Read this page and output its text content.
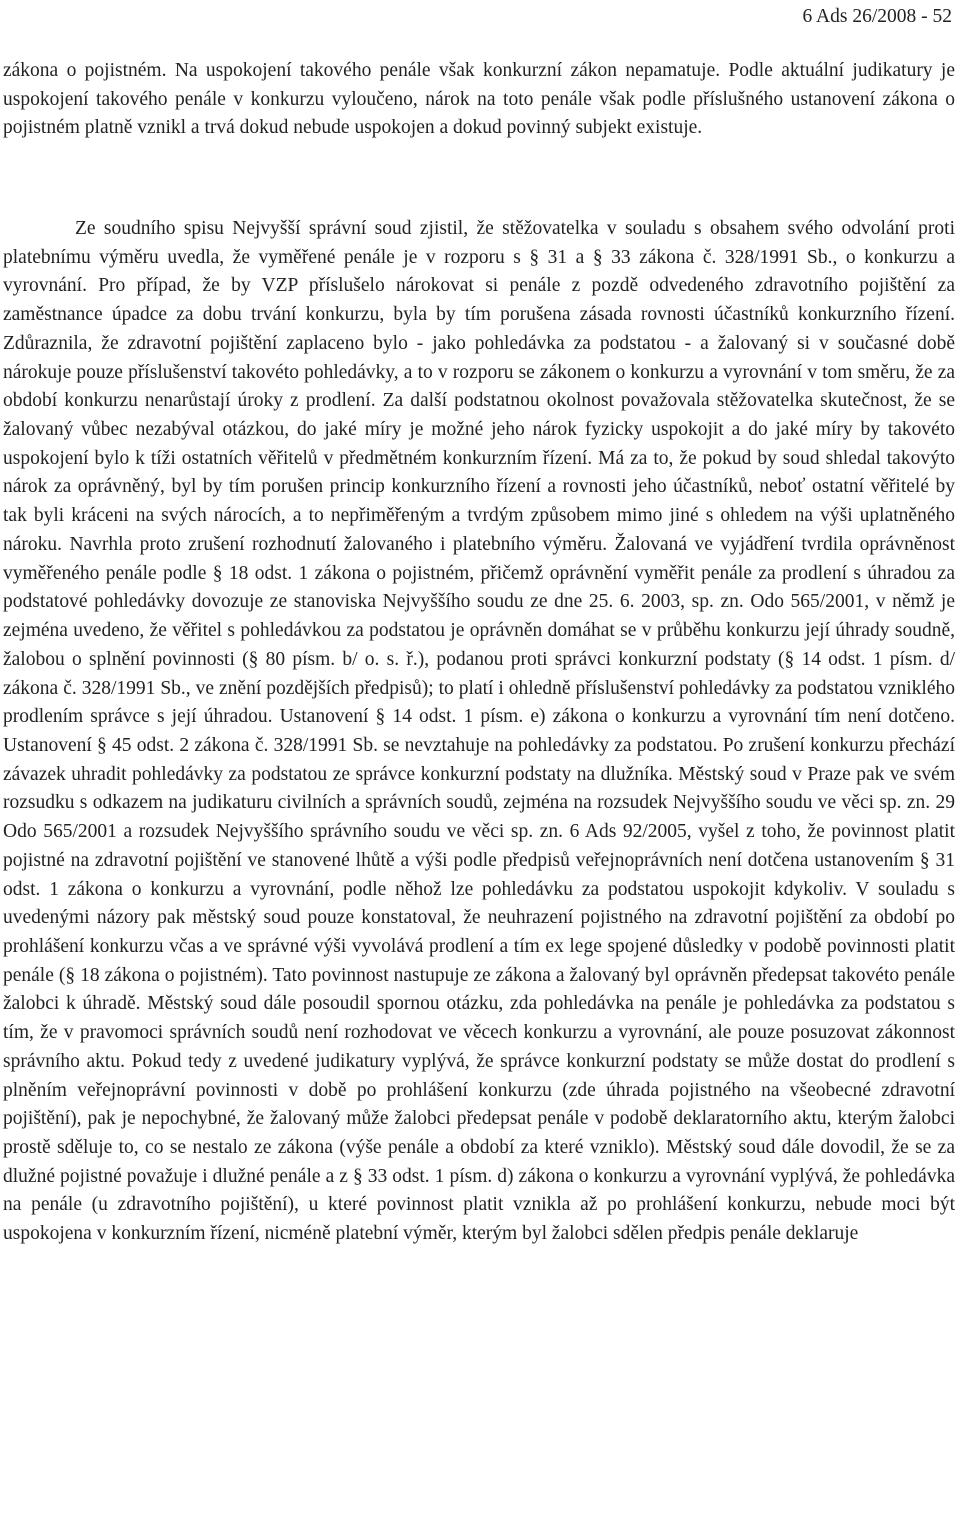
6 Ads 26/2008 - 52

zákona o pojistném. Na uspokojení takového penále však konkurzní zákon nepamatuje. Podle aktuální judikatury je uspokojení takového penále v konkurzu vyloučeno, nárok na toto penále však podle příslušného ustanovení zákona o pojistném platně vznikl a trvá dokud nebude uspokojen a dokud povinný subjekt existuje.

Ze soudního spisu Nejvyšší správní soud zjistil, že stěžovatelka v souladu s obsahem svého odvolání proti platebnímu výměru uvedla, že vyměřené penále je v rozporu s § 31 a § 33 zákona č. 328/1991 Sb., o konkurzu a vyrovnání. Pro případ, že by VZP příslušelo nárokovat si penále z pozdě odvedeného zdravotního pojištění za zaměstnance úpadce za dobu trvání konkurzu, byla by tím porušena zásada rovnosti účastníků konkurzního řízení. Zdůraznila, že zdravotní pojištění zaplaceno bylo - jako pohledávka za podstatou - a žalovaný si v současné době nárokuje pouze příslušenství takovéto pohledávky, a to v rozporu se zákonem o konkurzu a vyrovnání v tom směru, že za období konkurzu nenarůstají úroky z prodlení. Za další podstatnou okolnost považovala stěžovatelka skutečnost, že se žalovaný vůbec nezabýval otázkou, do jaké míry je možné jeho nárok fyzicky uspokojit a do jaké míry by takovéto uspokojení bylo k tíži ostatních věřitelů v předmětném konkurzním řízení. Má za to, že pokud by soud shledal takovýto nárok za oprávněný, byl by tím porušen princip konkurzního řízení a rovnosti jeho účastníků, neboť ostatní věřitelé by tak byli kráceni na svých nárocích, a to nepřiměřeným a tvrdým způsobem mimo jiné s ohledem na výši uplatněného nároku. Navrhla proto zrušení rozhodnutí žalovaného i platebního výměru. Žalovaná ve vyjádření tvrdila oprávněnost vyměřeného penále podle § 18 odst. 1 zákona o pojistném, přičemž oprávnění vyměřit penále za prodlení s úhradou za podstatové pohledávky dovozuje ze stanoviska Nejvyššího soudu ze dne 25. 6. 2003, sp. zn. Odo 565/2001, v němž je zejména uvedeno, že věřitel s pohledávkou za podstatou je oprávněn domáhat se v průběhu konkurzu její úhrady soudně, žalobou o splnění povinnosti (§ 80 písm. b/ o. s. ř.), podanou proti správci konkurzní podstaty (§ 14 odst. 1 písm. d/ zákona č. 328/1991 Sb., ve znění pozdějších předpisů); to platí i ohledně příslušenství pohledávky za podstatou vzniklého prodlením správce s její úhradou. Ustanovení § 14 odst. 1 písm. e) zákona o konkurzu a vyrovnání tím není dotčeno. Ustanovení § 45 odst. 2 zákona č. 328/1991 Sb. se nevztahuje na pohledávky za podstatou. Po zrušení konkurzu přechází závazek uhradit pohledávky za podstatou ze správce konkurzní podstaty na dlužníka. Městský soud v Praze pak ve svém rozsudku s odkazem na judikaturu civilních a správních soudů, zejména na rozsudek Nejvyššího soudu ve věci sp. zn. 29 Odo 565/2001 a rozsudek Nejvyššího správního soudu ve věci sp. zn. 6 Ads 92/2005, vyšel z toho, že povinnost platit pojistné na zdravotní pojištění ve stanovené lhůtě a výši podle předpisů veřejnoprávních není dotčena ustanovením § 31 odst. 1 zákona o konkurzu a vyrovnání, podle něhož lze pohledávku za podstatou uspokojit kdykoliv. V souladu s uvedenými názory pak městský soud pouze konstatoval, že neuhrazení pojistného na zdravotní pojištění za období po prohlášení konkurzu včas a ve správné výši vyvolává prodlení a tím ex lege spojené důsledky v podobě povinnosti platit penále (§ 18 zákona o pojistném). Tato povinnost nastupuje ze zákona a žalovaný byl oprávněn předepsat takovéto penále žalobci k úhradě. Městský soud dále posoudil spornou otázku, zda pohledávka na penále je pohledávka za podstatou s tím, že v pravomoci správních soudů není rozhodovat ve věcech konkurzu a vyrovnání, ale pouze posuzovat zákonnost správního aktu. Pokud tedy z uvedené judikatury vyplývá, že správce konkurzní podstaty se může dostat do prodlení s plněním veřejnoprávní povinnosti v době po prohlášení konkurzu (zde úhrada pojistného na všeobecné zdravotní pojištění), pak je nepochybné, že žalovaný může žalobci předepsat penále v podobě deklaratorního aktu, kterým žalobci prostě sděluje to, co se nestalo ze zákona (výše penále a období za které vzniklo). Městský soud dále dovodil, že se za dlužné pojistné považuje i dlužné penále a z § 33 odst. 1 písm. d) zákona o konkurzu a vyrovnání vyplývá, že pohledávka na penále (u zdravotního pojištění), u které povinnost platit vznikla až po prohlášení konkurzu, nebude moci být uspokojena v konkurzním řízení, nicméně platební výměr, kterým byl žalobci sdělen předpis penále deklaruje
